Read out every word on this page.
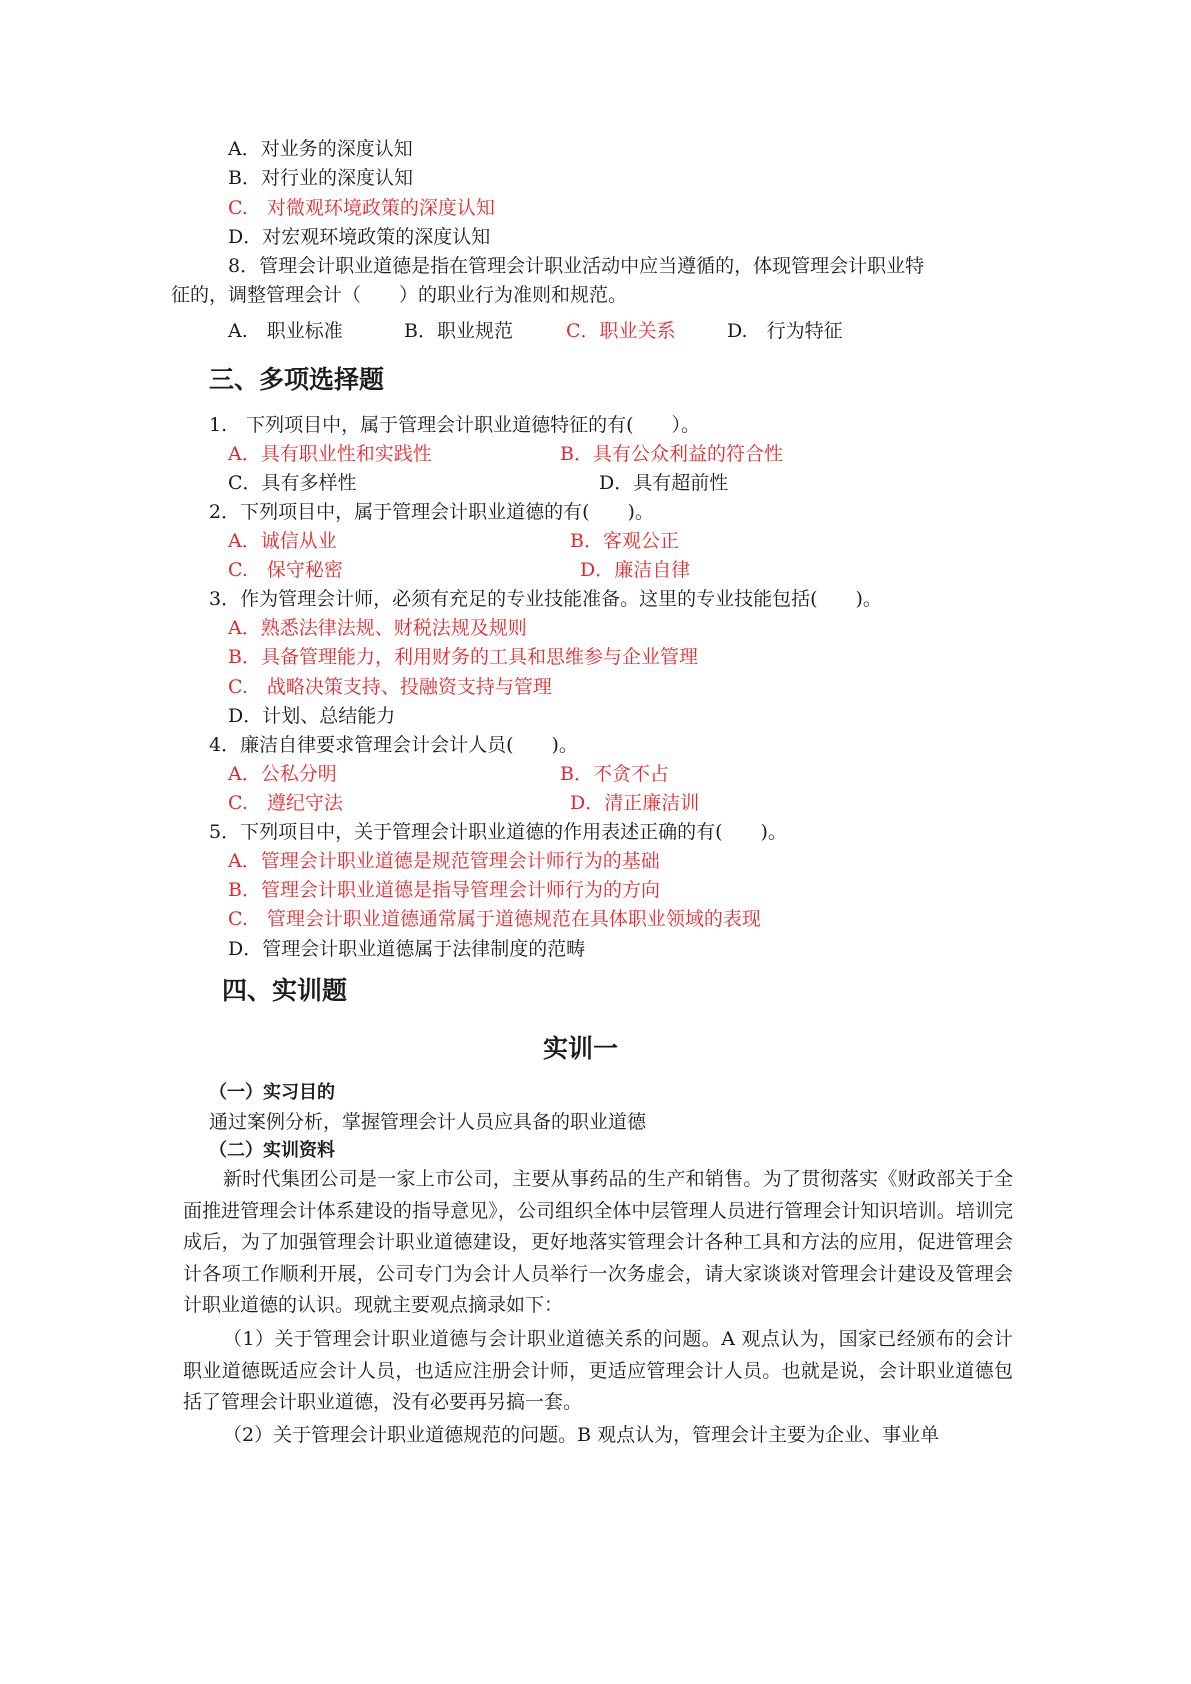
A．对业务的深度认知
B．对行业的深度认知
C.　对微观环境政策的深度认知
D．对宏观环境政策的深度认知
8．管理会计职业道德是指在管理会计职业活动中应当遵循的，体现管理会计职业特
征的，调整管理会计（　　）的职业行为准则和规范。
A.　职业标准	B．职业规范	C．职业关系	D.　行为特征
三、多项选择题
1.　下列项目中，属于管理会计职业道德特征的有(　　）。
A．具有职业性和实践性	B．具有公众利益的符合性
C．具有多样性	D．具有超前性
2．下列项目中，属于管理会计职业道德的有(　　)。
A．诚信从业	B．客观公正
C.　保守秘密	D．廉洁自律
3．作为管理会计师，必须有充足的专业技能准备。这里的专业技能包括(　　)。
A．熟悉法律法规、财税法规及规则
B．具备管理能力，利用财务的工具和思维参与企业管理
C.　战略决策支持、投融资支持与管理
D．计划、总结能力
4．廉洁自律要求管理会计会计人员(　　)。
A．公私分明	B．不贪不占
C.　遵纪守法	D．清正廉洁训
5．下列项目中，关于管理会计职业道德的作用表述正确的有(　　)。
A．管理会计职业道德是规范管理会计师行为的基础
B．管理会计职业道德是指导管理会计师行为的方向
C.　管理会计职业道德通常属于道德规范在具体职业领域的表现
D．管理会计职业道德属于法律制度的范畴
四、实训题
实训一
（一）实习目的
通过案例分析，掌握管理会计人员应具备的职业道德
（二）实训资料
新时代集团公司是一家上市公司，主要从事药品的生产和销售。为了贯彻落实《财政部关于全面推进管理会计体系建设的指导意见》，公司组织全体中层管理人员进行管理会计知识培训。培训完成后，为了加强管理会计职业道德建设，更好地落实管理会计各种工具和方法的应用，促进管理会计各项工作顺利开展，公司专门为会计人员举行一次务虚会，请大家谈谈对管理会计建设及管理会计职业道德的认识。现就主要观点摘录如下：
（1）关于管理会计职业道德与会计职业道德关系的问题。A 观点认为，国家已经颁布的会计职业道德既适应会计人员，也适应注册会计师，更适应管理会计人员。也就是说，会计职业道德包括了管理会计职业道德，没有必要再另搞一套。
（2）关于管理会计职业道德规范的问题。B 观点认为，管理会计主要为企业、事业单
